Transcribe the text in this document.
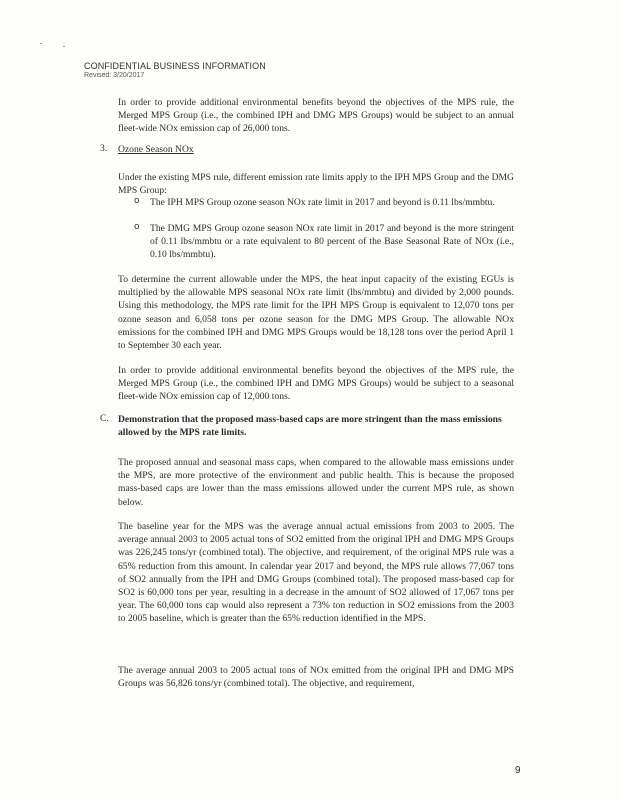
CONFIDENTIAL BUSINESS INFORMATION
Revised: 3/20/2017

In order to provide additional environmental benefits beyond the objectives of the MPS rule, the Merged MPS Group (i.e., the combined IPH and DMG MPS Groups) would be subject to an annual fleet-wide NOx emission cap of 26,000 tons.

3. Ozone Season NOx

Under the existing MPS rule, different emission rate limits apply to the IPH MPS Group and the DMG MPS Group:

o The IPH MPS Group ozone season NOx rate limit in 2017 and beyond is 0.11 lbs/mmbtu.

o The DMG MPS Group ozone season NOx rate limit in 2017 and beyond is the more stringent of 0.11 lbs/mmbtu or a rate equivalent to 80 percent of the Base Seasonal Rate of NOx (i.e., 0.10 lbs/mmbtu).

To determine the current allowable under the MPS, the heat input capacity of the existing EGUs is multiplied by the allowable MPS seasonal NOx rate limit (lbs/mmbtu) and divided by 2,000 pounds. Using this methodology, the MPS rate limit for the IPH MPS Group is equivalent to 12,070 tons per ozone season and 6,058 tons per ozone season for the DMG MPS Group. The allowable NOx emissions for the combined IPH and DMG MPS Groups would be 18,128 tons over the period April 1 to September 30 each year.

In order to provide additional environmental benefits beyond the objectives of the MPS rule, the Merged MPS Group (i.e., the combined IPH and DMG MPS Groups) would be subject to a seasonal fleet-wide NOx emission cap of 12,000 tons.

C. Demonstration that the proposed mass-based caps are more stringent than the mass emissions allowed by the MPS rate limits.

The proposed annual and seasonal mass caps, when compared to the allowable mass emissions under the MPS, are more protective of the environment and public health. This is because the proposed mass-based caps are lower than the mass emissions allowed under the current MPS rule, as shown below.

The baseline year for the MPS was the average annual actual emissions from 2003 to 2005. The average annual 2003 to 2005 actual tons of SO2 emitted from the original IPH and DMG MPS Groups was 226,245 tons/yr (combined total). The objective, and requirement, of the original MPS rule was a 65% reduction from this amount. In calendar year 2017 and beyond, the MPS rule allows 77,067 tons of SO2 annually from the IPH and DMG Groups (combined total). The proposed mass-based cap for SO2 is 60,000 tons per year, resulting in a decrease in the amount of SO2 allowed of 17,067 tons per year. The 60,000 tons cap would also represent a 73% ton reduction in SO2 emissions from the 2003 to 2005 baseline, which is greater than the 65% reduction identified in the MPS.

The average annual 2003 to 2005 actual tons of NOx emitted from the original IPH and DMG MPS Groups was 56,826 tons/yr (combined total). The objective, and requirement,

9
